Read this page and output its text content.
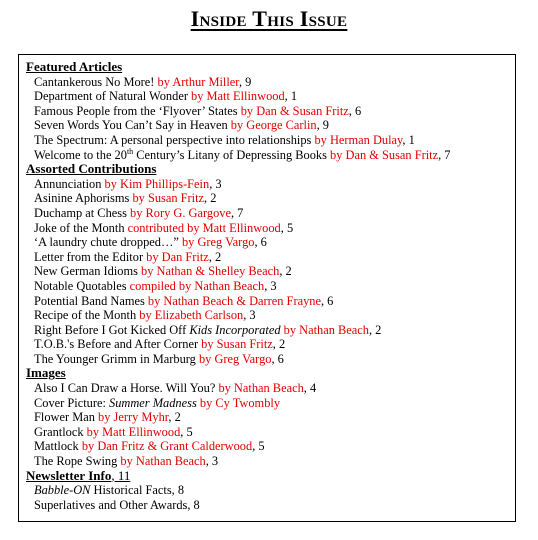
Inside This Issue
Featured Articles
Cantankerous No More! by Arthur Miller, 9
Department of Natural Wonder by Matt Ellinwood, 1
Famous People from the ‘Flyover’ States by Dan & Susan Fritz, 6
Seven Words You Can’t Say in Heaven by George Carlin, 9
The Spectrum: A personal perspective into relationships by Herman Dulay, 1
Welcome to the 20th Century’s Litany of Depressing Books by Dan & Susan Fritz, 7
Assorted Contributions
Annunciation by Kim Phillips-Fein, 3
Asinine Aphorisms by Susan Fritz, 2
Duchamp at Chess by Rory G. Gargove, 7
Joke of the Month contributed by Matt Ellinwood, 5
‘A laundry chute dropped…” by Greg Vargo, 6
Letter from the Editor by Dan Fritz, 2
New German Idioms by Nathan & Shelley Beach, 2
Notable Quotables compiled by Nathan Beach, 3
Potential Band Names by Nathan Beach & Darren Frayne, 6
Recipe of the Month by Elizabeth Carlson, 3
Right Before I Got Kicked Off Kids Incorporated by Nathan Beach, 2
T.O.B.'s Before and After Corner by Susan Fritz, 2
The Younger Grimm in Marburg by Greg Vargo, 6
Images
Also I Can Draw a Horse. Will You? by Nathan Beach, 4
Cover Picture: Summer Madness by Cy Twombly
Flower Man by Jerry Myhr, 2
Grantlock by Matt Ellinwood, 5
Mattlock by Dan Fritz & Grant Calderwood, 5
The Rope Swing by Nathan Beach, 3
Newsletter Info, 11
Babble-ON Historical Facts, 8
Superlatives and Other Awards, 8
